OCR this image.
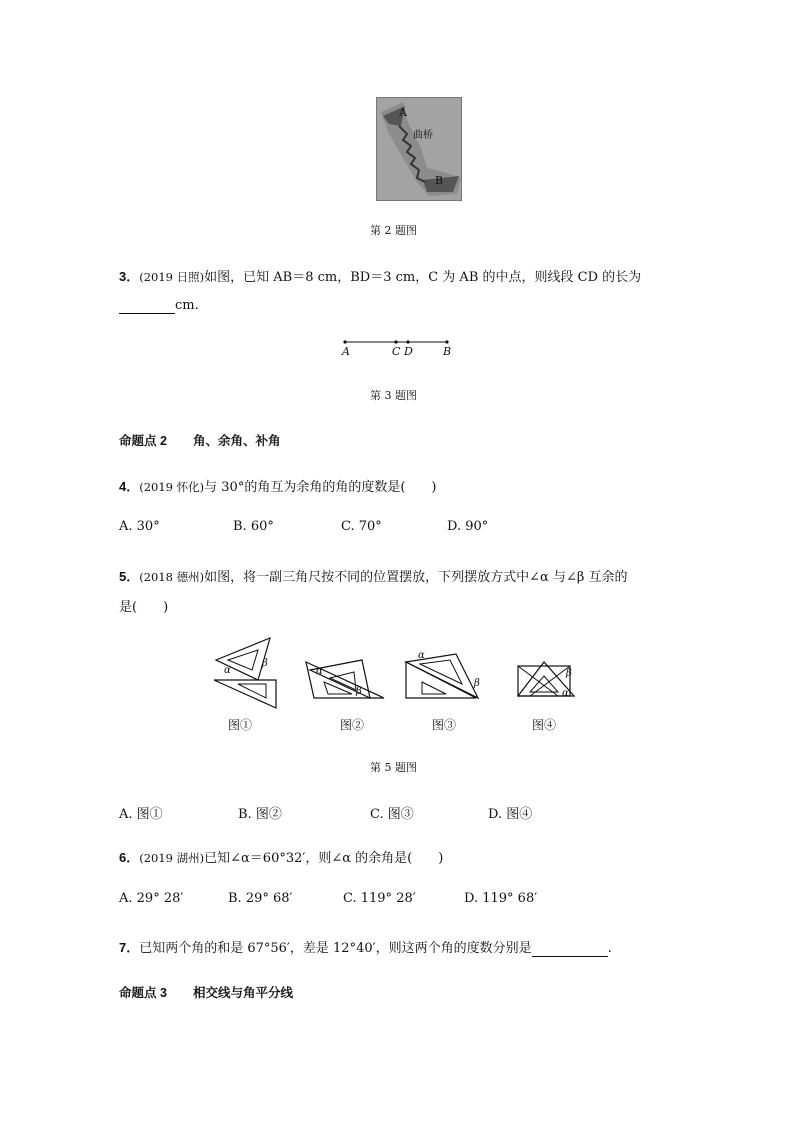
A
曲桥
B
第 2 题图
3．(2019 日照)如图，已知 AB＝8 cm，BD＝3 cm，C 为 AB 的中点，则线段 CD 的长为
cm.
A	C D	B
第 3 题图
命题点 2 角、余角、补角
4．(2019 怀化)与 30°的角互为余角的角的度数是(　　)
A. 30°	B. 60°	C. 70°	D. 90°
5．(2018 德州)如图，将一副三角尺按不同的位置摆放，下列摆放方式中∠α 与∠β 互余的
是(　　)
α
β
α
β
α
β
α
β
图①	图②	图③	图④
第 5 题图
A. 图①	B. 图②	C. 图③	D. 图④
6．(2019 湖州)已知∠α＝60°32′，则∠α 的余角是(　　)
A. 29° 28′	B. 29° 68′	C. 119° 28′	D. 119° 68′
7．已知两个角的和是 67°56′，差是 12°40′，则这两个角的度数分别是	.
命题点 3 相交线与角平分线
